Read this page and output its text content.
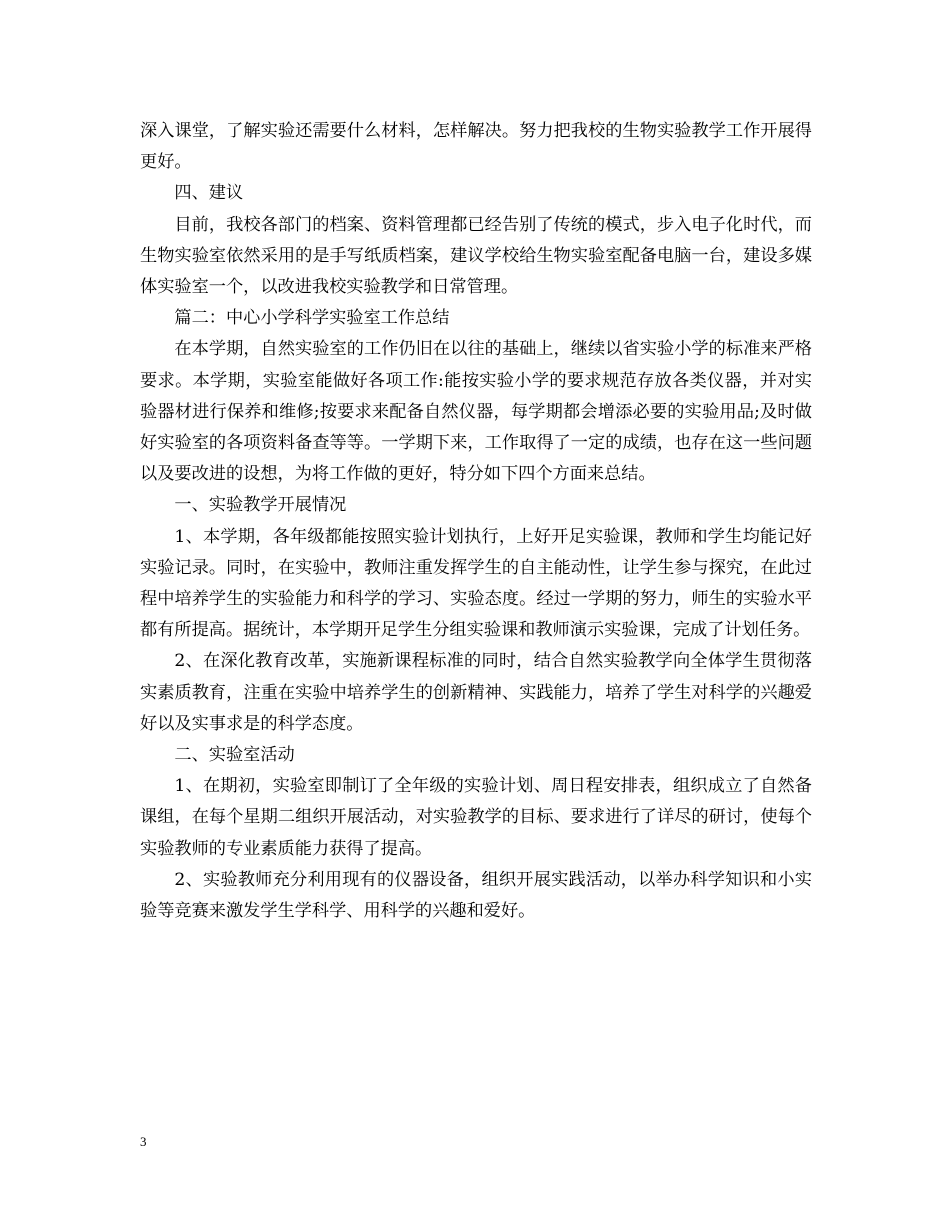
深入课堂，了解实验还需要什么材料，怎样解决。努力把我校的生物实验教学工作开展得更好。

四、建议

目前，我校各部门的档案、资料管理都已经告别了传统的模式，步入电子化时代，而生物实验室依然采用的是手写纸质档案，建议学校给生物实验室配备电脑一台，建设多媒体实验室一个，以改进我校实验教学和日常管理。

篇二：中心小学科学实验室工作总结

在本学期，自然实验室的工作仍旧在以往的基础上，继续以省实验小学的标准来严格要求。本学期，实验室能做好各项工作:能按实验小学的要求规范存放各类仪器，并对实验器材进行保养和维修;按要求来配备自然仪器，每学期都会增添必要的实验用品;及时做好实验室的各项资料备查等等。一学期下来，工作取得了一定的成绩，也存在这一些问题以及要改进的设想，为将工作做的更好，特分如下四个方面来总结。

一、实验教学开展情况

1、本学期，各年级都能按照实验计划执行，上好开足实验课，教师和学生均能记好实验记录。同时，在实验中，教师注重发挥学生的自主能动性，让学生参与探究，在此过程中培养学生的实验能力和科学的学习、实验态度。经过一学期的努力，师生的实验水平都有所提高。据统计，本学期开足学生分组实验课和教师演示实验课，完成了计划任务。

2、在深化教育改革，实施新课程标准的同时，结合自然实验教学向全体学生贯彻落实素质教育，注重在实验中培养学生的创新精神、实践能力，培养了学生对科学的兴趣爱好以及实事求是的科学态度。

二、实验室活动

1、在期初，实验室即制订了全年级的实验计划、周日程安排表，组织成立了自然备课组，在每个星期二组织开展活动，对实验教学的目标、要求进行了详尽的研讨，使每个实验教师的专业素质能力获得了提高。

2、实验教师充分利用现有的仪器设备，组织开展实践活动，以举办科学知识和小实验等竞赛来激发学生学科学、用科学的兴趣和爱好。

3
